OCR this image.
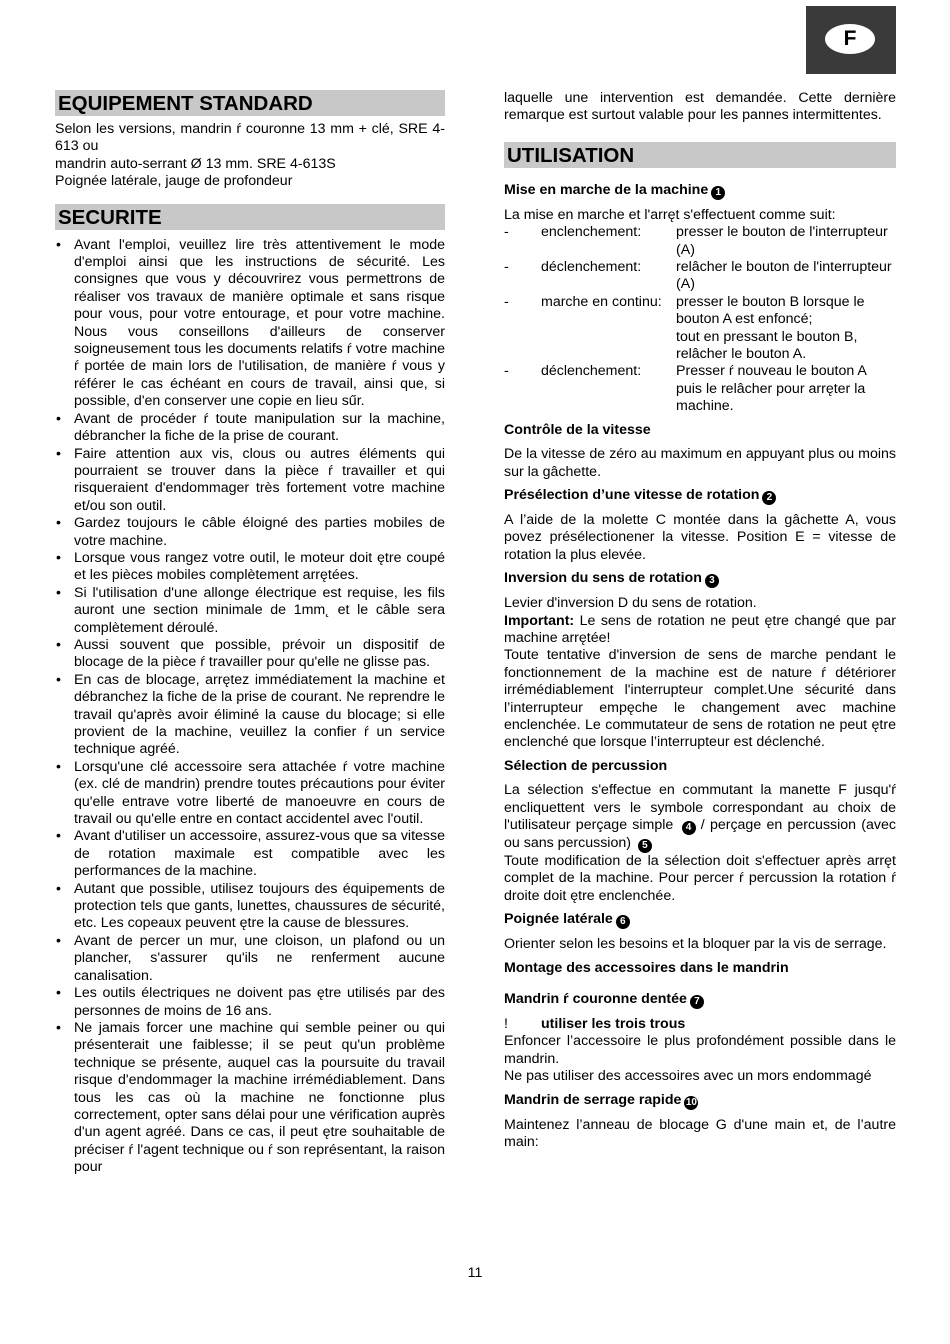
F
EQUIPEMENT STANDARD
Selon les versions, mandrin ŕ couronne 13 mm + clé, SRE 4-613 ou
mandrin auto-serrant Ø 13 mm. SRE 4-613S
Poignée latérale, jauge de profondeur
SECURITE
• Avant l'emploi, veuillez lire très attentivement le mode d'emploi ainsi que les instructions de sécurité. Les consignes que vous y découvrirez vous permettrons de réaliser vos travaux de manière optimale et sans risque pour vous, pour votre entourage, et pour votre machine. Nous vous conseillons d'ailleurs de conserver soigneusement tous les documents relatifs ŕ votre machine ŕ portée de main lors de l'utilisation, de manière ŕ vous y référer le cas échéant en cours de travail, ainsi que, si possible, d'en conserver une copie en lieu sűr.
• Avant de procéder ŕ toute manipulation sur la machine, débrancher la fiche de la prise de courant.
• Faire attention aux vis, clous ou autres éléments qui pourraient se trouver dans la pièce ŕ travailler et qui risqueraient d'endommager très fortement votre machine et/ou son outil.
• Gardez toujours le câble éloigné des parties mobiles de votre machine.
• Lorsque vous rangez votre outil, le moteur doit ętre coupé et les pièces mobiles complètement arrętées.
• Si l'utilisation d'une allonge électrique est requise, les fils auront une section minimale de 1mm˛ et le câble sera complètement déroulé.
• Aussi souvent que possible, prévoir un dispositif de blocage de la pièce ŕ travailler pour qu'elle ne glisse pas.
• En cas de blocage, arrętez immédiatement la machine et débranchez la fiche de la prise de courant. Ne reprendre le travail qu'après avoir éliminé la cause du blocage; si elle provient de la machine, veuillez la confier ŕ un service technique agréé.
• Lorsqu'une clé accessoire sera attachée ŕ votre machine (ex. clé de mandrin) prendre toutes précautions pour éviter qu'elle entrave votre liberté de manoeuvre en cours de travail ou qu'elle entre en contact accidentel avec l'outil.
• Avant d'utiliser un accessoire, assurez-vous que sa vitesse de rotation maximale est compatible avec les performances de la machine.
• Autant que possible, utilisez toujours des équipements de protection tels que gants, lunettes, chaussures de sécurité, etc. Les copeaux peuvent ętre la cause de blessures.
• Avant de percer un mur, une cloison, un plafond ou un plancher, s'assurer qu'ils ne renferment aucune canalisation.
• Les outils électriques ne doivent pas ętre utilisés par des personnes de moins de 16 ans.
• Ne jamais forcer une machine qui semble peiner ou qui présenterait une faiblesse; il se peut qu'un problème technique se présente, auquel cas la poursuite du travail risque d'endommager la machine irrémédiablement. Dans tous les cas où la machine ne fonctionne plus correctement, opter sans délai pour une vérification auprès d'un agent agréé. Dans ce cas, il peut ętre souhaitable de préciser ŕ l'agent technique ou ŕ son représentant, la raison pour

laquelle une intervention est demandée. Cette dernière remarque est surtout valable pour les pannes intermittentes.

UTILISATION
Mise en marche de la machine 1
La mise en marche et l'arręt s'effectuent comme suit:
-	enclenchement:	presser le bouton de l'interrupteur (A)
-	déclenchement:	relâcher le bouton de l'interrupteur (A)
-	marche en continu:	presser le bouton B lorsque le bouton A est enfoncé;
tout en pressant le bouton B, relâcher le bouton A.

-	déclenchement:	Presser ŕ nouveau le bouton A puis le relâcher pour arręter la machine.
Contrôle de la vitesse

De la vitesse de zéro au maximum en appuyant plus ou moins sur la gâchette.

Présélection d’une vitesse de rotation 2

A l’aide de la molette C montée dans la gâchette A, vous povez présélectionener la vitesse. Position E = vitesse de rotation la plus elevée.

Inversion du sens de rotation 3
Levier d'inversion D du sens de rotation.

Important: Le sens de rotation ne peut ętre changé que par machine arrętée!

Toute tentative d'inversion de sens de marche pendant le fonctionnement de la machine est de nature ŕ détériorer irrémédiablement l'interrupteur complet.Une sécurité dans l’interrupteur empęche le changement avec machine enclenchée. Le commutateur de sens de rotation ne peut ętre enclenché que lorsque l’interrupteur est déclenché.

Sélection de percussion

La sélection s'effectue en commutant la manette F jusqu'ŕ encliquettent vers le symbole correspondant au choix de l'utilisateur perçage simple 4 / perçage en percussion (avec ou sans percussion) 5

Toute modification de la sélection doit s'effectuer après arręt complet de la machine. Pour percer ŕ percussion la rotation ŕ droite doit ętre enclenchée.

Poignée latérale 6

Orienter selon les besoins et la bloquer par la vis de serrage.

Montage des accessoires dans le mandrin
Mandrin ŕ couronne dentée 7
! utiliser les trois trous

Enfoncer l’accessoire le plus profondément possible dans le mandrin.

Ne pas utiliser des accessoires avec un mors endommagé

Mandrin de serrage rapide 10

Maintenez l’anneau de blocage G d'une main et, de l’autre main:

11
